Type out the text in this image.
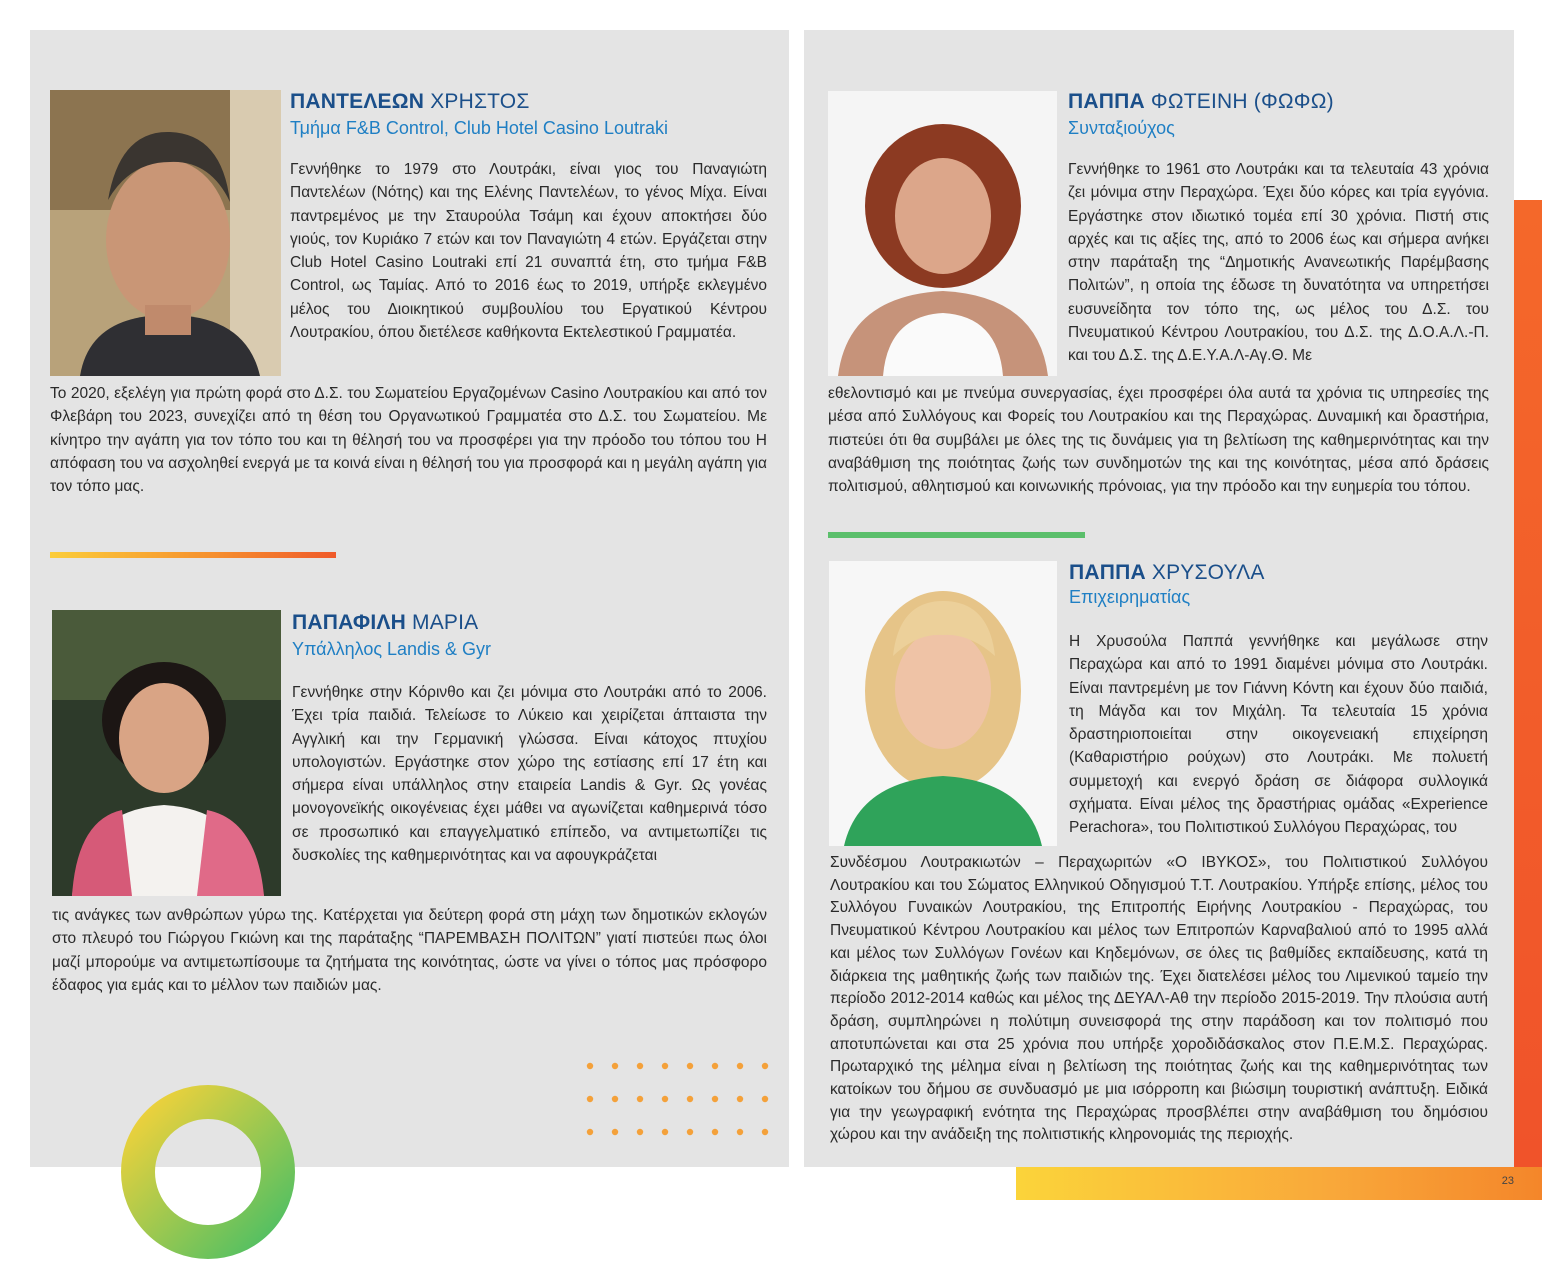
ΠΑΝΤΕΛΕΩΝ ΧΡΗΣΤΟΣ
Τμήμα F&B Control, Club Hotel Casino Loutraki

Γεννήθηκε το 1979 στο Λουτράκι, είναι γιος του Παναγιώτη Παντελέων (Νότης) και της Ελένης Παντελέων, το γένος Μίχα. Είναι παντρεμένος με την Σταυρούλα Τσάμη και έχουν αποκτήσει δύο γιούς, τον Κυριάκο 7 ετών και τον Παναγιώτη 4 ετών. Εργάζεται στην Club Hotel Casino Loutraki επί 21 συναπτά έτη, στο τμήμα F&B Control, ως Ταμίας. Από το 2016 έως το 2019, υπήρξε εκλεγμένο μέλος του Διοικητικού συμβουλίου του Εργατικού Κέντρου Λουτρακίου, όπου διετέλεσε καθήκοντα Εκτελεστικού Γραμματέα.

Το 2020, εξελέγη για πρώτη φορά στο Δ.Σ. του Σωματείου Εργαζομένων Casino Λουτρακίου και από τον Φλεβάρη του 2023, συνεχίζει από τη θέση του Οργανωτικού Γραμματέα στο Δ.Σ. του Σωματείου. Με κίνητρο την αγάπη για τον τόπο του και τη θέλησή του να προσφέρει για την πρόοδο του τόπου του Η απόφαση του να ασχοληθεί ενεργά με τα κοινά είναι η θέλησή του για προσφορά και η μεγάλη αγάπη για τον τόπο μας.

ΠΑΠΑΦΙΛΗ ΜΑΡΙΑ
Υπάλληλος Landis & Gyr

Γεννήθηκε στην Κόρινθο και ζει μόνιμα στο Λουτράκι από το 2006. Έχει τρία παιδιά. Τελείωσε το Λύκειο και χειρίζεται άπταιστα την Αγγλική και την Γερμανική γλώσσα. Είναι κάτοχος πτυχίου υπολογιστών. Εργάστηκε στον χώρο της εστίασης επί 17 έτη και σήμερα είναι υπάλληλος στην εταιρεία Landis & Gyr. Ως γονέας μονογονεϊκής οικογένειας έχει μάθει να αγωνίζεται καθημερινά τόσο σε προσωπικό και επαγγελματικό επίπεδο, να αντιμετωπίζει τις δυσκολίες της καθημερινότητας και να αφουγκράζεται

τις ανάγκες των ανθρώπων γύρω της. Κατέρχεται για δεύτερη φορά στη μάχη των δημοτικών εκλογών στο πλευρό του Γιώργου Γκιώνη και της παράταξης “ΠΑΡΕΜΒΑΣΗ ΠΟΛΙΤΩΝ” γιατί πιστεύει πως όλοι μαζί μπορούμε να αντιμετωπίσουμε τα ζητήματα της κοινότητας, ώστε να γίνει ο τόπος μας πρόσφορο έδαφος για εμάς και το μέλλον των παιδιών μας.

ΠΑΠΠΑ ΦΩΤΕΙΝΗ (ΦΩΦΩ)
Συνταξιούχος

Γεννήθηκε το 1961 στο Λουτράκι και τα τελευταία 43 χρόνια ζει μόνιμα στην Περαχώρα. Έχει δύο κόρες και τρία εγγόνια. Εργάστηκε στον ιδιωτικό τομέα επί 30 χρόνια. Πιστή στις αρχές και τις αξίες της, από το 2006 έως και σήμερα ανήκει στην παράταξη της “Δημοτικής Ανανεωτικής Παρέμβασης Πολιτών”, η οποία της έδωσε τη δυνατότητα να υπηρετήσει ευσυνείδητα τον τόπο της, ως μέλος του Δ.Σ. του Πνευματικού Κέντρου Λουτρακίου, του Δ.Σ. της Δ.Ο.Α.Λ.-Π. και του Δ.Σ. της Δ.Ε.Υ.Α.Λ-Αγ.Θ. Με

εθελοντισμό και με πνεύμα συνεργασίας, έχει προσφέρει όλα αυτά τα χρόνια τις υπηρεσίες της μέσα από Συλλόγους και Φορείς του Λουτρακίου και της Περαχώρας. Δυναμική και δραστήρια, πιστεύει ότι θα συμβάλει με όλες της τις δυνάμεις για τη βελτίωση της καθημερινότητας και την αναβάθμιση της ποιότητας ζωής των συνδημοτών της και της κοινότητας, μέσα από δράσεις πολιτισμού, αθλητισμού και κοινωνικής πρόνοιας, για την πρόοδο και την ευημερία του τόπου.

ΠΑΠΠΑ ΧΡΥΣΟΥΛΑ
Επιχειρηματίας

Η Χρυσούλα Παππά γεννήθηκε και μεγάλωσε στην Περαχώρα και από το 1991 διαμένει μόνιμα στο Λουτράκι. Είναι παντρεμένη με τον Γιάννη Κόντη και έχουν δύο παιδιά, τη Μάγδα και τον Μιχάλη. Τα τελευταία 15 χρόνια δραστηριοποιείται στην οικογενειακή επιχείρηση (Καθαριστήριο ρούχων) στο Λουτράκι. Με πολυετή συμμετοχή και ενεργό δράση σε διάφορα συλλογικά σχήματα. Είναι μέλος της δραστήριας ομάδας «Experience Perachora», του Πολιτιστικού Συλλόγου Περαχώρας, του

Συνδέσμου Λουτρακιωτών – Περαχωριτών «Ο ΙΒΥΚΟΣ», του Πολιτιστικού Συλλόγου Λουτρακίου και του Σώματος Ελληνικού Οδηγισμού Τ.Τ. Λουτρακίου. Υπήρξε επίσης, μέλος του Συλλόγου Γυναικών Λουτρακίου, της Επιτροπής Ειρήνης Λουτρακίου - Περαχώρας, του Πνευματικού Κέντρου Λουτρακίου και μέλος των Επιτροπών Καρναβαλιού από το 1995 αλλά και μέλος των Συλλόγων Γονέων και Κηδεμόνων, σε όλες τις βαθμίδες εκπαίδευσης, κατά τη διάρκεια της μαθητικής ζωής των παιδιών της. Έχει διατελέσει μέλος του Λιμενικού ταμείο την περίοδο 2012-2014 καθώς και μέλος της ΔΕΥΑΛ-Αθ την περίοδο 2015-2019. Την πλούσια αυτή δράση, συμπληρώνει η πολύτιμη συνεισφορά της στην παράδοση και τον πολιτισμό που αποτυπώνεται και στα 25 χρόνια που υπήρξε χοροδιδάσκαλος στον Π.Ε.Μ.Σ. Περαχώρας. Πρωταρχικό της μέλημα είναι η βελτίωση της ποιότητας ζωής και της καθημερινότητας των κατοίκων του δήμου σε συνδυασμό με μια ισόρροπη και βιώσιμη τουριστική ανάπτυξη. Ειδικά για την γεωγραφική ενότητα της Περαχώρας προσβλέπει στην αναβάθμιση του δημόσιου χώρου και την ανάδειξη της πολιτιστικής κληρονομιάς της περιοχής.

23
